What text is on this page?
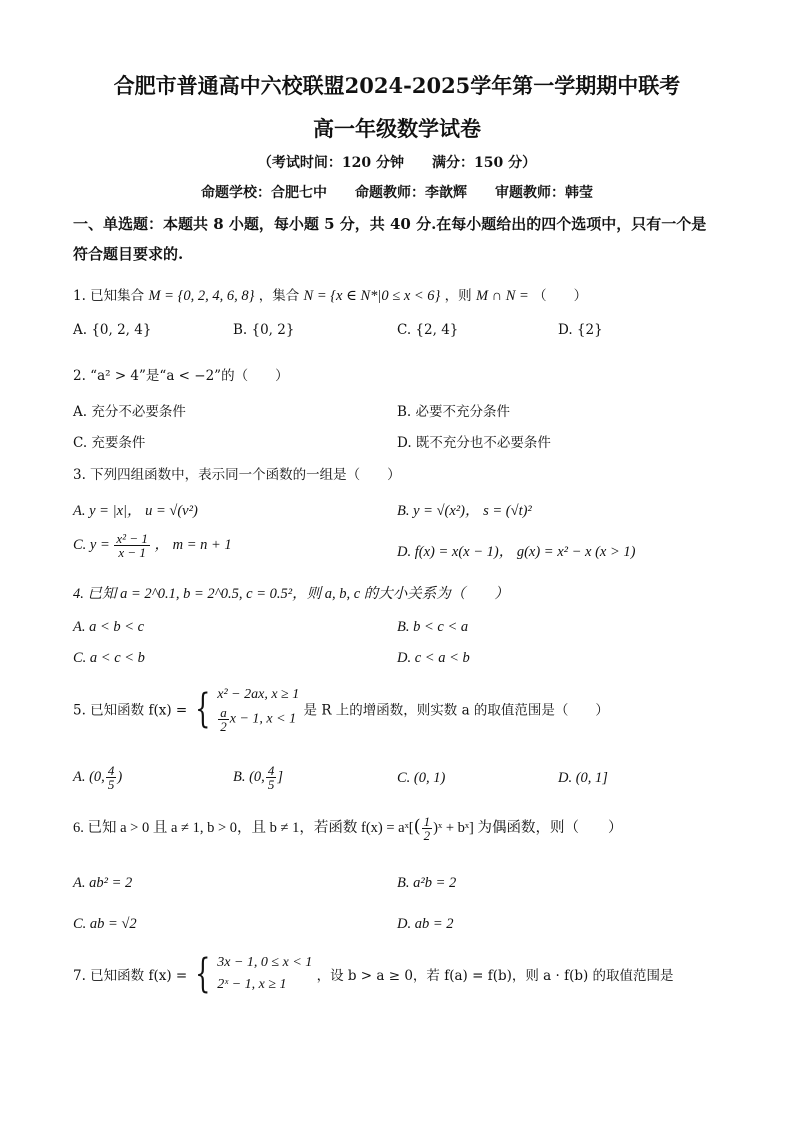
合肥市普通高中六校联盟2024-2025学年第一学期期中联考
高一年级数学试卷
（考试时间：120 分钟　　满分：150 分）
命题学校：合肥七中　　命题教师：李歆辉　　审题教师：韩莹
一、单选题：本题共 8 小题，每小题 5 分，共 40 分.在每小题给出的四个选项中，只有一个是
符合题目要求的.
1. 已知集合 M = {0, 2, 4, 6, 8} ，集合 N = {x ∈ N*|0 ≤ x < 6} ，则 M ∩ N = （　　）
A. {0, 2, 4}	B. {0, 2}	C. {2, 4}	D. {2}
2. “a² > 4”是“a < −2”的（　　）
A. 充分不必要条件	B. 必要不充分条件
C. 充要条件	D. 既不充分也不必要条件
3. 下列四组函数中，表示同一个函数的一组是（　　）
A. y = |x|， u = √(v²)	B. y = √(x²)， s = (√t)²
C. $y = \frac{\text{x² − 1}}{x - 1}$ ， m = n + 1	D. f(x) = x(x − 1)， g(x) = x² − x (x > 1)
4. 已知 a = 2^0.1, b = 2^0.5, c = 0.5²，则 a, b, c 的大小关系为（　　）
A. a < b < c	B. b < c < a
C. a < c < b	D. c < a < b
5. 已知函数 f(x) = { x² − 2ax, x ≥ 1
$\frac{a}{2}$ x − 1, x < 1
是 R 上的增函数，则实数 a 的取值范围是（　　）
A. (0, $\frac{4}{5}$ )	B. (0, $\frac{4}{5}$ ]	C. (0, 1)	D. (0, 1]
6. 已知 a > 0 且 a ≠ 1, b > 0，且 b ≠ 1，若函数 f(x) = aˣ[( $\frac{1}{2}$ )ˣ + bˣ] 为偶函数，则（　　）
A. ab² = 2	B. a²b = 2
C. ab = √2	D. ab = 2
7. 已知函数 f(x) = { 3x − 1, 0 ≤ x < 1
2ˣ − 1, x ≥ 1
，设 b > a ≥ 0，若 f(a) = f(b)，则 a · f(b) 的取值范围是
